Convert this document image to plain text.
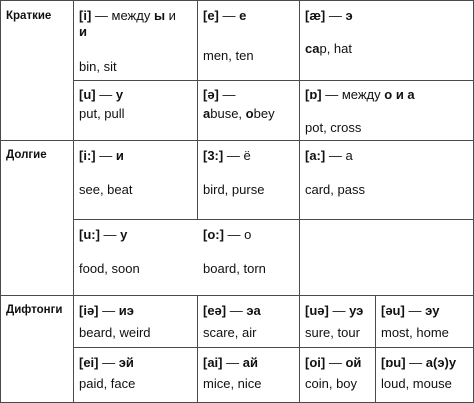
Краткие
Долгие
Дифтонги
[i] — между ы и
и
bin, sit
[e] — е
men, ten
[æ] — э
cap, hat
[u] — у
put, pull
[ə] —
abuse, obey
[ɒ] — между о и а
pot, cross
[i:] — и
see, beat
[3:] — ё
bird, purse
[a:] — а
card, pass
[u:] — у
food, soon
[o:] — о
board, torn
[iə] — иэ
beard, weird
[eə] — эа
scare, air
[uə] — уэ
sure, tour
[əu] — эу
most, home
[ei] — эй
paid, face
[ai] — ай
mice, nice
[oi] — ой
coin, boy
[ɒu] — а(э)у
loud, mouse
